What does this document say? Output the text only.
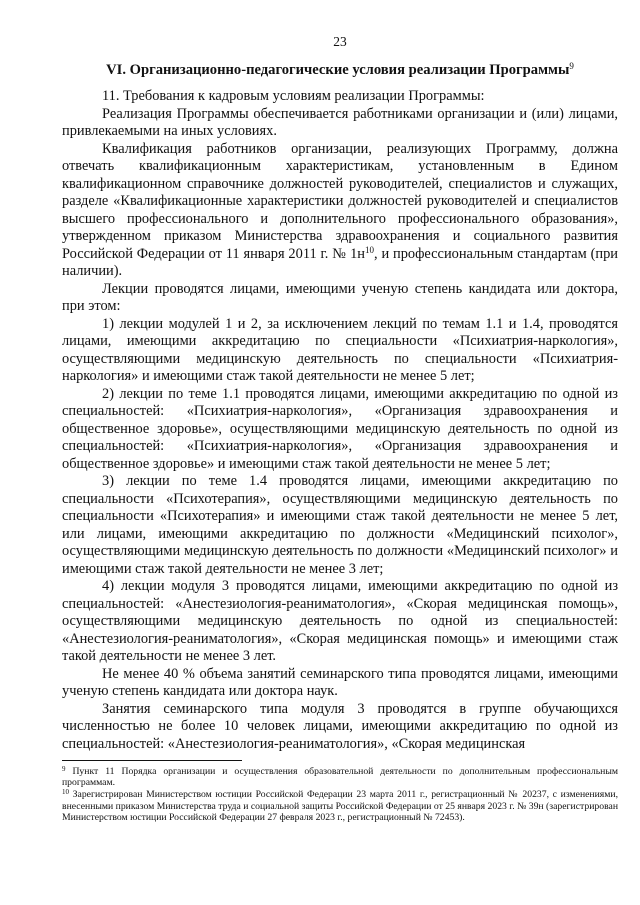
23
VI. Организационно-педагогические условия реализации Программы$^9$

11. Требования к кадровым условиям реализации Программы:

Реализация Программы обеспечивается работниками организации и (или) лицами, привлекаемыми на иных условиях.

Квалификация работников организации, реализующих Программу, должна отвечать квалификационным характеристикам, установленным в Едином квалификационном справочнике должностей руководителей, специалистов и служащих, разделе «Квалификационные характеристики должностей руководителей и специалистов высшего профессионального и дополнительного профессионального образования», утвержденном приказом Министерства здравоохранения и социального развития Российской Федерации от 11 января 2011 г. № $1н^{10}$, и профессиональным стандартам (при наличии).

Лекции проводятся лицами, имеющими ученую степень кандидата или доктора, при этом:

1) лекции модулей 1 и 2, за исключением лекций по темам 1.1 и 1.4, проводятся лицами, имеющими аккредитацию по специальности «Психиатрия-наркология», осуществляющими медицинскую деятельность по специальности «Психиатрия-наркология» и имеющими стаж такой деятельности не менее 5 лет;

2) лекции по теме 1.1 проводятся лицами, имеющими аккредитацию по одной из специальностей: «Психиатрия-наркология», «Организация здравоохранения и общественное здоровье», осуществляющими медицинскую деятельность по одной из специальностей: «Психиатрия-наркология», «Организация здравоохранения и общественное здоровье» и имеющими стаж такой деятельности не менее 5 лет;

3) лекции по теме 1.4 проводятся лицами, имеющими аккредитацию по специальности «Психотерапия», осуществляющими медицинскую деятельность по специальности «Психотерапия» и имеющими стаж такой деятельности не менее 5 лет, или лицами, имеющими аккредитацию по должности «Медицинский психолог», осуществляющими медицинскую деятельность по должности «Медицинский психолог» и имеющими стаж такой деятельности не менее 3 лет;

4) лекции модуля 3 проводятся лицами, имеющими аккредитацию по одной из специальностей: «Анестезиология-реаниматология», «Скорая медицинская помощь», осуществляющими медицинскую деятельность по одной из специальностей: «Анестезиология-реаниматология», «Скорая медицинская помощь» и имеющими стаж такой деятельности не менее 3 лет.

Не менее 40 % объема занятий семинарского типа проводятся лицами, имеющими ученую степень кандидата или доктора наук.

Занятия семинарского типа модуля 3 проводятся в группе обучающихся численностью не более 10 человек лицами, имеющими аккредитацию по одной из специальностей: «Анестезиология-реаниматология», «Скорая медицинская

$^9$ Пункт 11 Порядка организации и осуществления образовательной деятельности по дополнительным профессиональным программам.

$^{10}$ Зарегистрирован Министерством юстиции Российской Федерации 23 марта 2011 г., регистрационный № 20237, с изменениями, внесенными приказом Министерства труда и социальной защиты Российской Федерации от 25 января 2023 г. № 39н (зарегистрирован Министерством юстиции Российской Федерации 27 февраля 2023 г., регистрационный № 72453).
